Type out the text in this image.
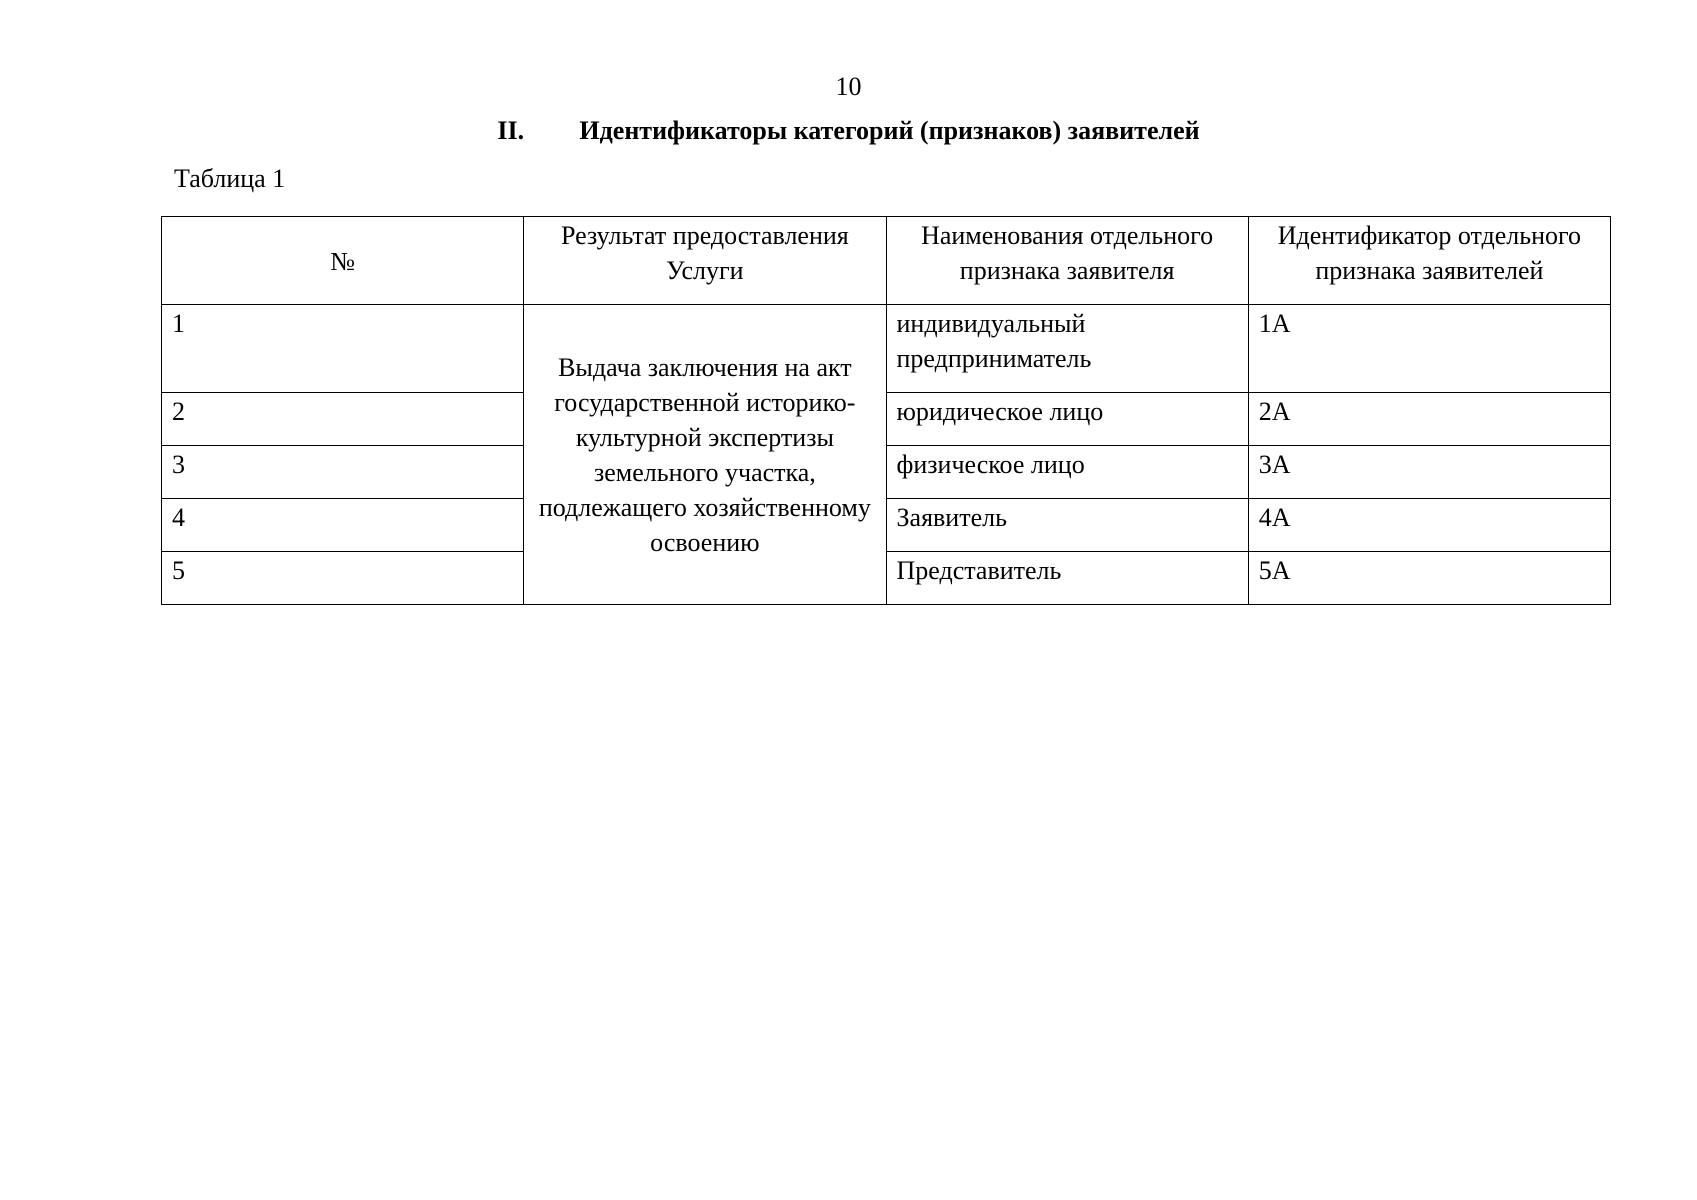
10
II. Идентификаторы категорий (признаков) заявителей
Таблица 1
№	Результат предоставления Услуги	Наименования отдельного признака заявителя	Идентификатор отдельного признака заявителей
1	Выдача заключения на акт государственной историко-культурной экспертизы земельного участка, подлежащего хозяйственному освоению	индивидуальный предприниматель	1А
2		юридическое лицо	2А
3		физическое лицо	3А
4		Заявитель	4А
5		Представитель	5А
